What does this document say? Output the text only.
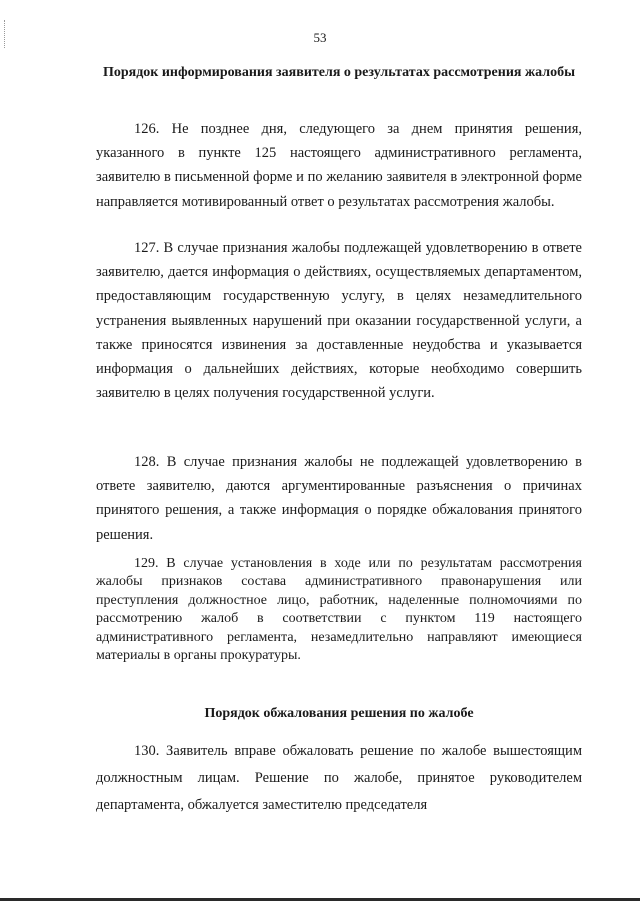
53
Порядок информирования заявителя о результатах рассмотрения жалобы

126. Не позднее дня, следующего за днем принятия решения, указанного в пункте 125 настоящего административного регламента, заявителю в письменной форме и по желанию заявителя в электронной форме направляется мотивированный ответ о результатах рассмотрения жалобы.

127. В случае признания жалобы подлежащей удовлетворению в ответе заявителю, дается информация о действиях, осуществляемых департаментом, предоставляющим государственную услугу, в целях незамедлительного устранения выявленных нарушений при оказании государственной услуги, а также приносятся извинения за доставленные неудобства и указывается информация о дальнейших действиях, которые необходимо совершить заявителю в целях получения государственной услуги.

128. В случае признания жалобы не подлежащей удовлетворению в ответе заявителю, даются аргументированные разъяснения о причинах принятого решения, а также информация о порядке обжалования принятого решения.

129. В случае установления в ходе или по результатам рассмотрения жалобы признаков состава административного правонарушения или преступления должностное лицо, работник, наделенные полномочиями по рассмотрению жалоб в соответствии с пунктом 119 настоящего административного регламента, незамедлительно направляют имеющиеся материалы в органы прокуратуры.

Порядок обжалования решения по жалобе

130. Заявитель вправе обжаловать решение по жалобе вышестоящим должностным лицам. Решение по жалобе, принятое руководителем департамента, обжалуется заместителю председателя
